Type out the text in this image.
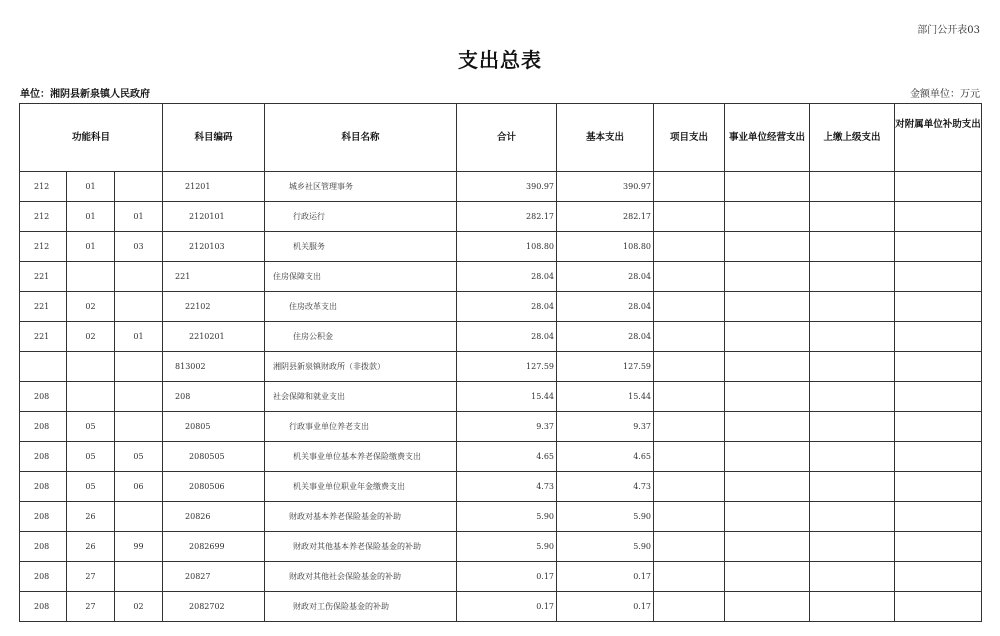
部门公开表03
支出总表
单位：湘阴县新泉镇人民政府	金额单位：万元
功能科目			科目编码	科目名称	合计	基本支出	项目支出	事业单位经营支出	上缴上级支出	对附属单位补助支出
212	01		21201	城乡社区管理事务	390.97	390.97				
212	01	01	2120101	行政运行	282.17	282.17				
212	01	03	2120103	机关服务	108.80	108.80				
221			221	住房保障支出	28.04	28.04				
221	02		22102	住房改革支出	28.04	28.04				
221	02	01	2210201	住房公积金	28.04	28.04				
			813002	湘阴县新泉镇财政所（非拨款）	127.59	127.59				
208			208	社会保障和就业支出	15.44	15.44				
208	05		20805	行政事业单位养老支出	9.37	9.37				
208	05	05	2080505	机关事业单位基本养老保险缴费支出	4.65	4.65				
208	05	06	2080506	机关事业单位职业年金缴费支出	4.73	4.73				
208	26		20826	财政对基本养老保险基金的补助	5.90	5.90				
208	26	99	2082699	财政对其他基本养老保险基金的补助	5.90	5.90				
208	27		20827	财政对其他社会保险基金的补助	0.17	0.17				
208	27	02	2082702	财政对工伤保险基金的补助	0.17	0.17				
